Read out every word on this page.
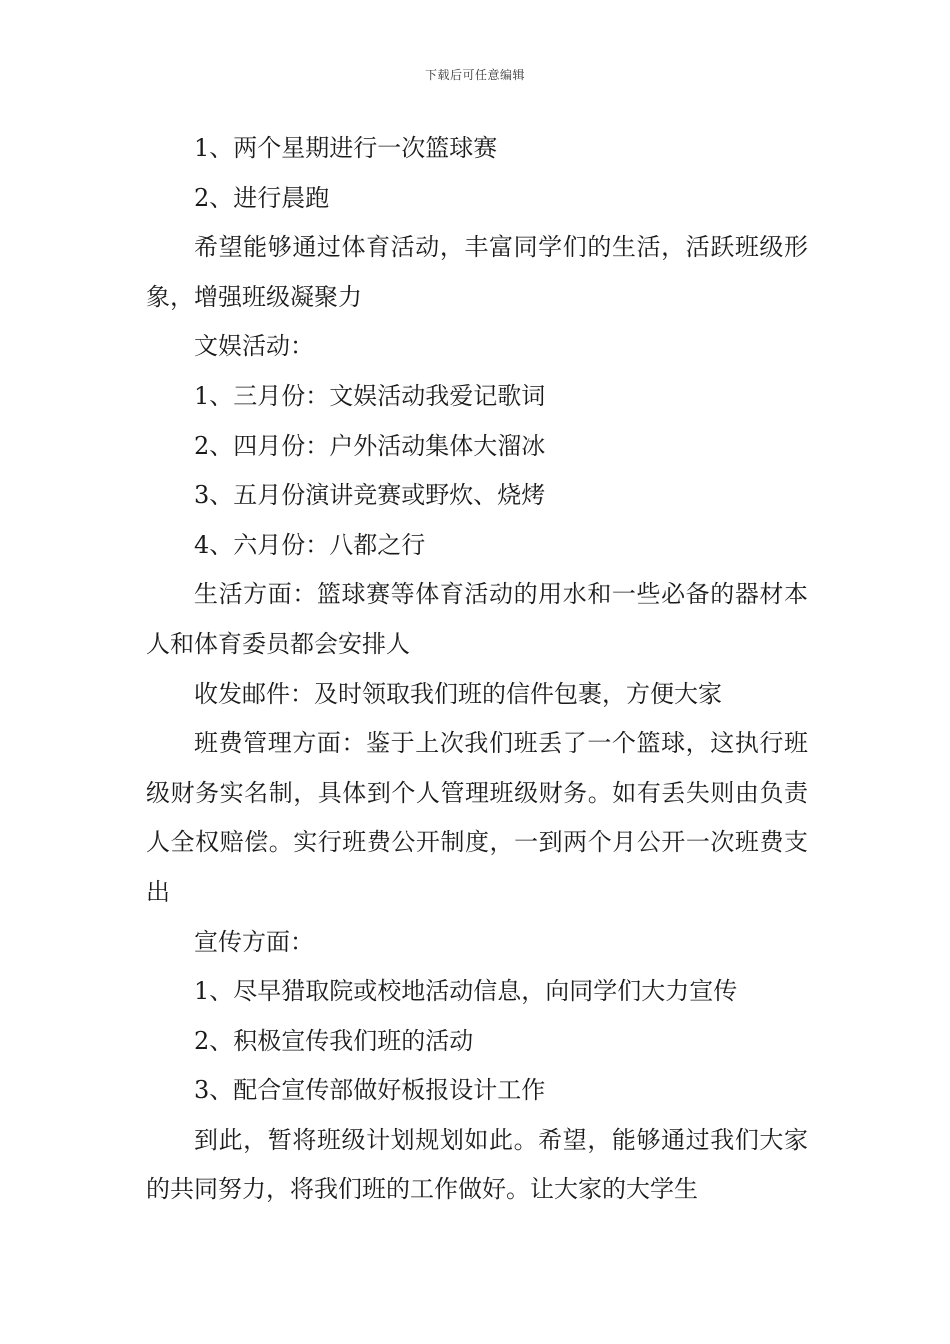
下载后可任意编辑

1、两个星期进行一次篮球赛

2、进行晨跑

希望能够通过体育活动，丰富同学们的生活，活跃班级形象，增强班级凝聚力

文娱活动：

1、三月份：文娱活动我爱记歌词

2、四月份：户外活动集体大溜冰

3、五月份演讲竞赛或野炊、烧烤

4、六月份：八都之行

生活方面：篮球赛等体育活动的用水和一些必备的器材本人和体育委员都会安排人

收发邮件：及时领取我们班的信件包裹，方便大家

班费管理方面：鉴于上次我们班丢了一个篮球，这执行班级财务实名制，具体到个人管理班级财务。如有丢失则由负责人全权赔偿。实行班费公开制度，一到两个月公开一次班费支出

宣传方面：

1、尽早猎取院或校地活动信息，向同学们大力宣传

2、积极宣传我们班的活动

3、配合宣传部做好板报设计工作

到此，暂将班级计划规划如此。希望，能够通过我们大家的共同努力，将我们班的工作做好。让大家的大学生
